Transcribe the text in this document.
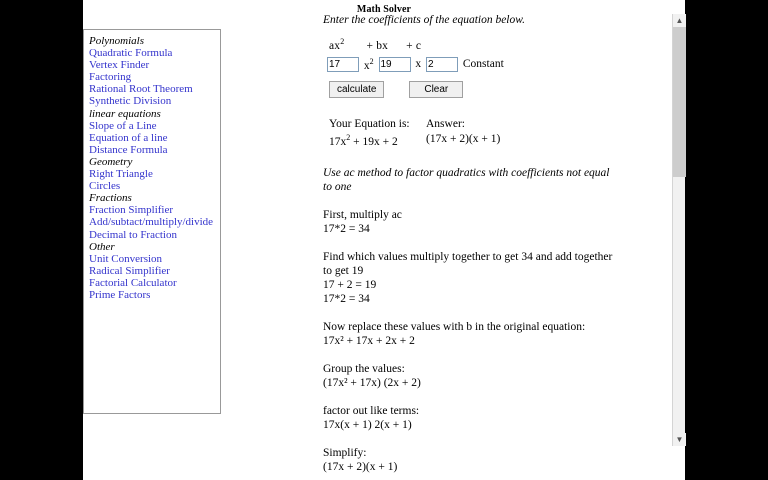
Math Solver
Polynomials
Quadratic Formula
Vertex Finder
Factoring
Rational Root Theorem
Synthetic Division
linear equations
Slope of a Line
Equation of a line
Distance Formula
Geometry
Right Triangle
Circles
Fractions
Fraction Simplifier
Add/subtact/multiply/divide
Decimal to Fraction
Other
Unit Conversion
Radical Simplifier
Factorial Calculator
Prime Factors
Enter the coefficients of the equation below.
$ax^2$ + bx + c
17 $x^2$ 19	x 2	Constant
calculate	Clear
Your Equation is:
$17x^2 + 19x + 2$
Answer:
(17x + 2)(x + 1)
Use ac method to factor quadratics with coefficients not equal to one
First, multiply ac
17*2 = 34
Find which values multiply together to get 34 and add together to get 19
17 + 2 = 19
17*2 = 34
Now replace these values with b in the original equation:
17x² + 17x + 2x + 2
Group the values:
(17x² + 17x) (2x + 2)
factor out like terms:
17x(x + 1) 2(x + 1)
Simplify:
(17x + 2)(x + 1)
▲
▼
